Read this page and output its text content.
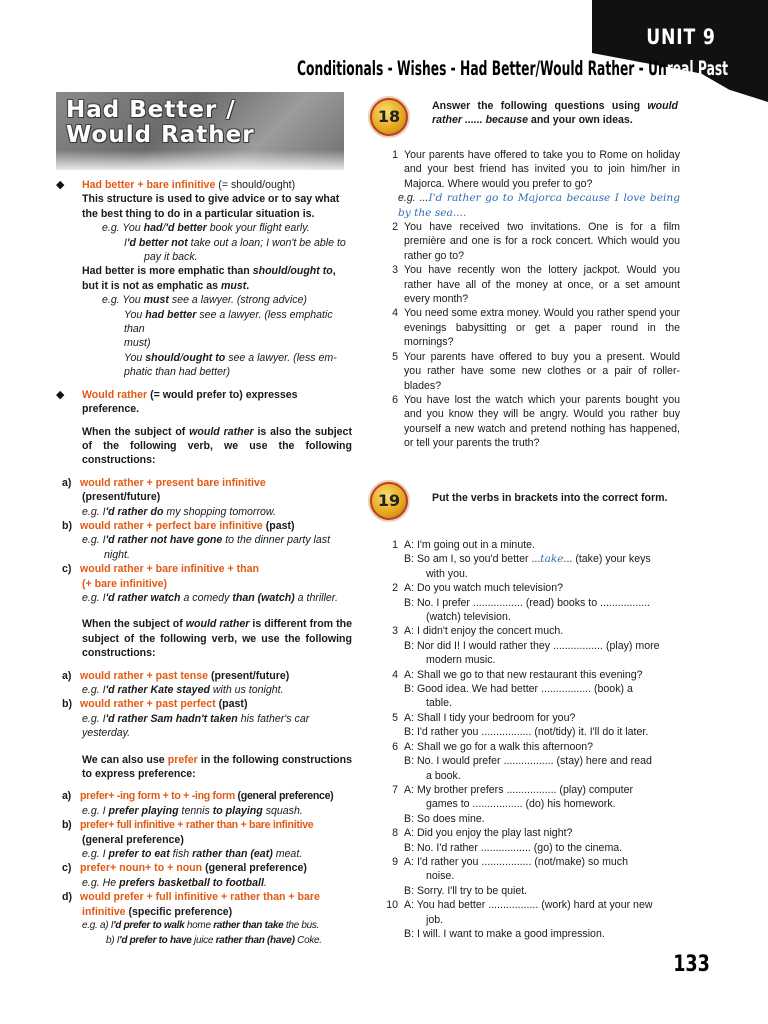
UNIT 9
Conditionals - Wishes - Had Better/Would Rather - Unreal Past
Had Better /
Would Rather
◆ Had better + bare infinitive (= should/ought)
This structure is used to give advice or to say what the best thing to do in a particular situation is.
e.g. You had/'d better book your flight early.
I'd better not take out a loan; I won't be able to
pay it back.
Had better is more emphatic than should/ought to, but it is not as emphatic as must.
e.g. You must see a lawyer. (strong advice)
You had better see a lawyer. (less emphatic than
must)
You should/ought to see a lawyer. (less em-
phatic than had better)
◆ Would rather (= would prefer to) expresses preference.
When the subject of would rather is also the subject of the following verb, we use the following constructions:
a) would rather + present bare infinitive
(present/future)
e.g. I'd rather do my shopping tomorrow.
b) would rather + perfect bare infinitive (past)
e.g. I'd rather not have gone to the dinner party last
night.
c) would rather + bare infinitive + than
(+ bare infinitive)
e.g. I'd rather watch a comedy than (watch) a thriller.
When the subject of would rather is different from the subject of the following verb, we use the following constructions:
a) would rather + past tense (present/future)
e.g. I'd rather Kate stayed with us tonight.
b) would rather + past perfect (past)
e.g. I'd rather Sam hadn't taken his father's car
yesterday.
We can also use prefer in the following constructions to express preference:
a) prefer+ -ing form + to + -ing form (general preference)
e.g. I prefer playing tennis to playing squash.
b) prefer+ full infinitive + rather than + bare infinitive
(general preference)
e.g. I prefer to eat fish rather than (eat) meat.
c) prefer+ noun+ to + noun (general preference)
e.g. He prefers basketball to football.
d) would prefer + full infinitive + rather than + bare infinitive (specific preference)
e.g. a) I'd prefer to walk home rather than take the bus.
b) I'd prefer to have juice rather than (have) Coke.
18
Answer the following questions using would rather ...... because and your own ideas.
1 Your parents have offered to take you to Rome on holiday and your best friend has invited you to join him/her in Majorca. Where would you prefer to go?
e.g. ...I'd rather go to Majorca because I love being by the sea....
2 You have received two invitations. One is for a film première and one is for a rock concert. Which would you rather go to?
3 You have recently won the lottery jackpot. Would you rather have all of the money at once, or a set amount every month?
4 You need some extra money. Would you rather spend your evenings babysitting or get a paper round in the mornings?
5 Your parents have offered to buy you a present. Would you rather have some new clothes or a pair of roller-blades?
6 You have lost the watch which your parents bought you and you know they will be angry. Would you rather buy yourself a new watch and pretend nothing has happened, or tell your parents the truth?
19	Put the verbs in brackets into the correct form.
1 A: I'm going out in a minute.

B: So am I, so you'd better ...take... (take) your keys

with you.
2 A: Do you watch much television?

B: No. I prefer ................. (read) books to .................

(watch) television.
3 A: I didn't enjoy the concert much.

B: Nor did I! I would rather they ................. (play) more

modern music.
4 A: Shall we go to that new restaurant this evening?

B: Good idea. We had better ................. (book) a

table.
5 A: Shall I tidy your bedroom for you?

B: I'd rather you ................. (not/tidy) it. I'll do it later.

6 A: Shall we go for a walk this afternoon?

B: No. I would prefer ................. (stay) here and read

a book.
7 A: My brother prefers ................. (play) computer

games to ................. (do) his homework.
B: So does mine.

8 A: Did you enjoy the play last night?

B: No. I'd rather ................. (go) to the cinema.

9 A: I'd rather you ................. (not/make) so much

noise.
B: Sorry. I'll try to be quiet.

10 A: You had better ................. (work) hard at your new

job.
B: I will. I want to make a good impression.

133
